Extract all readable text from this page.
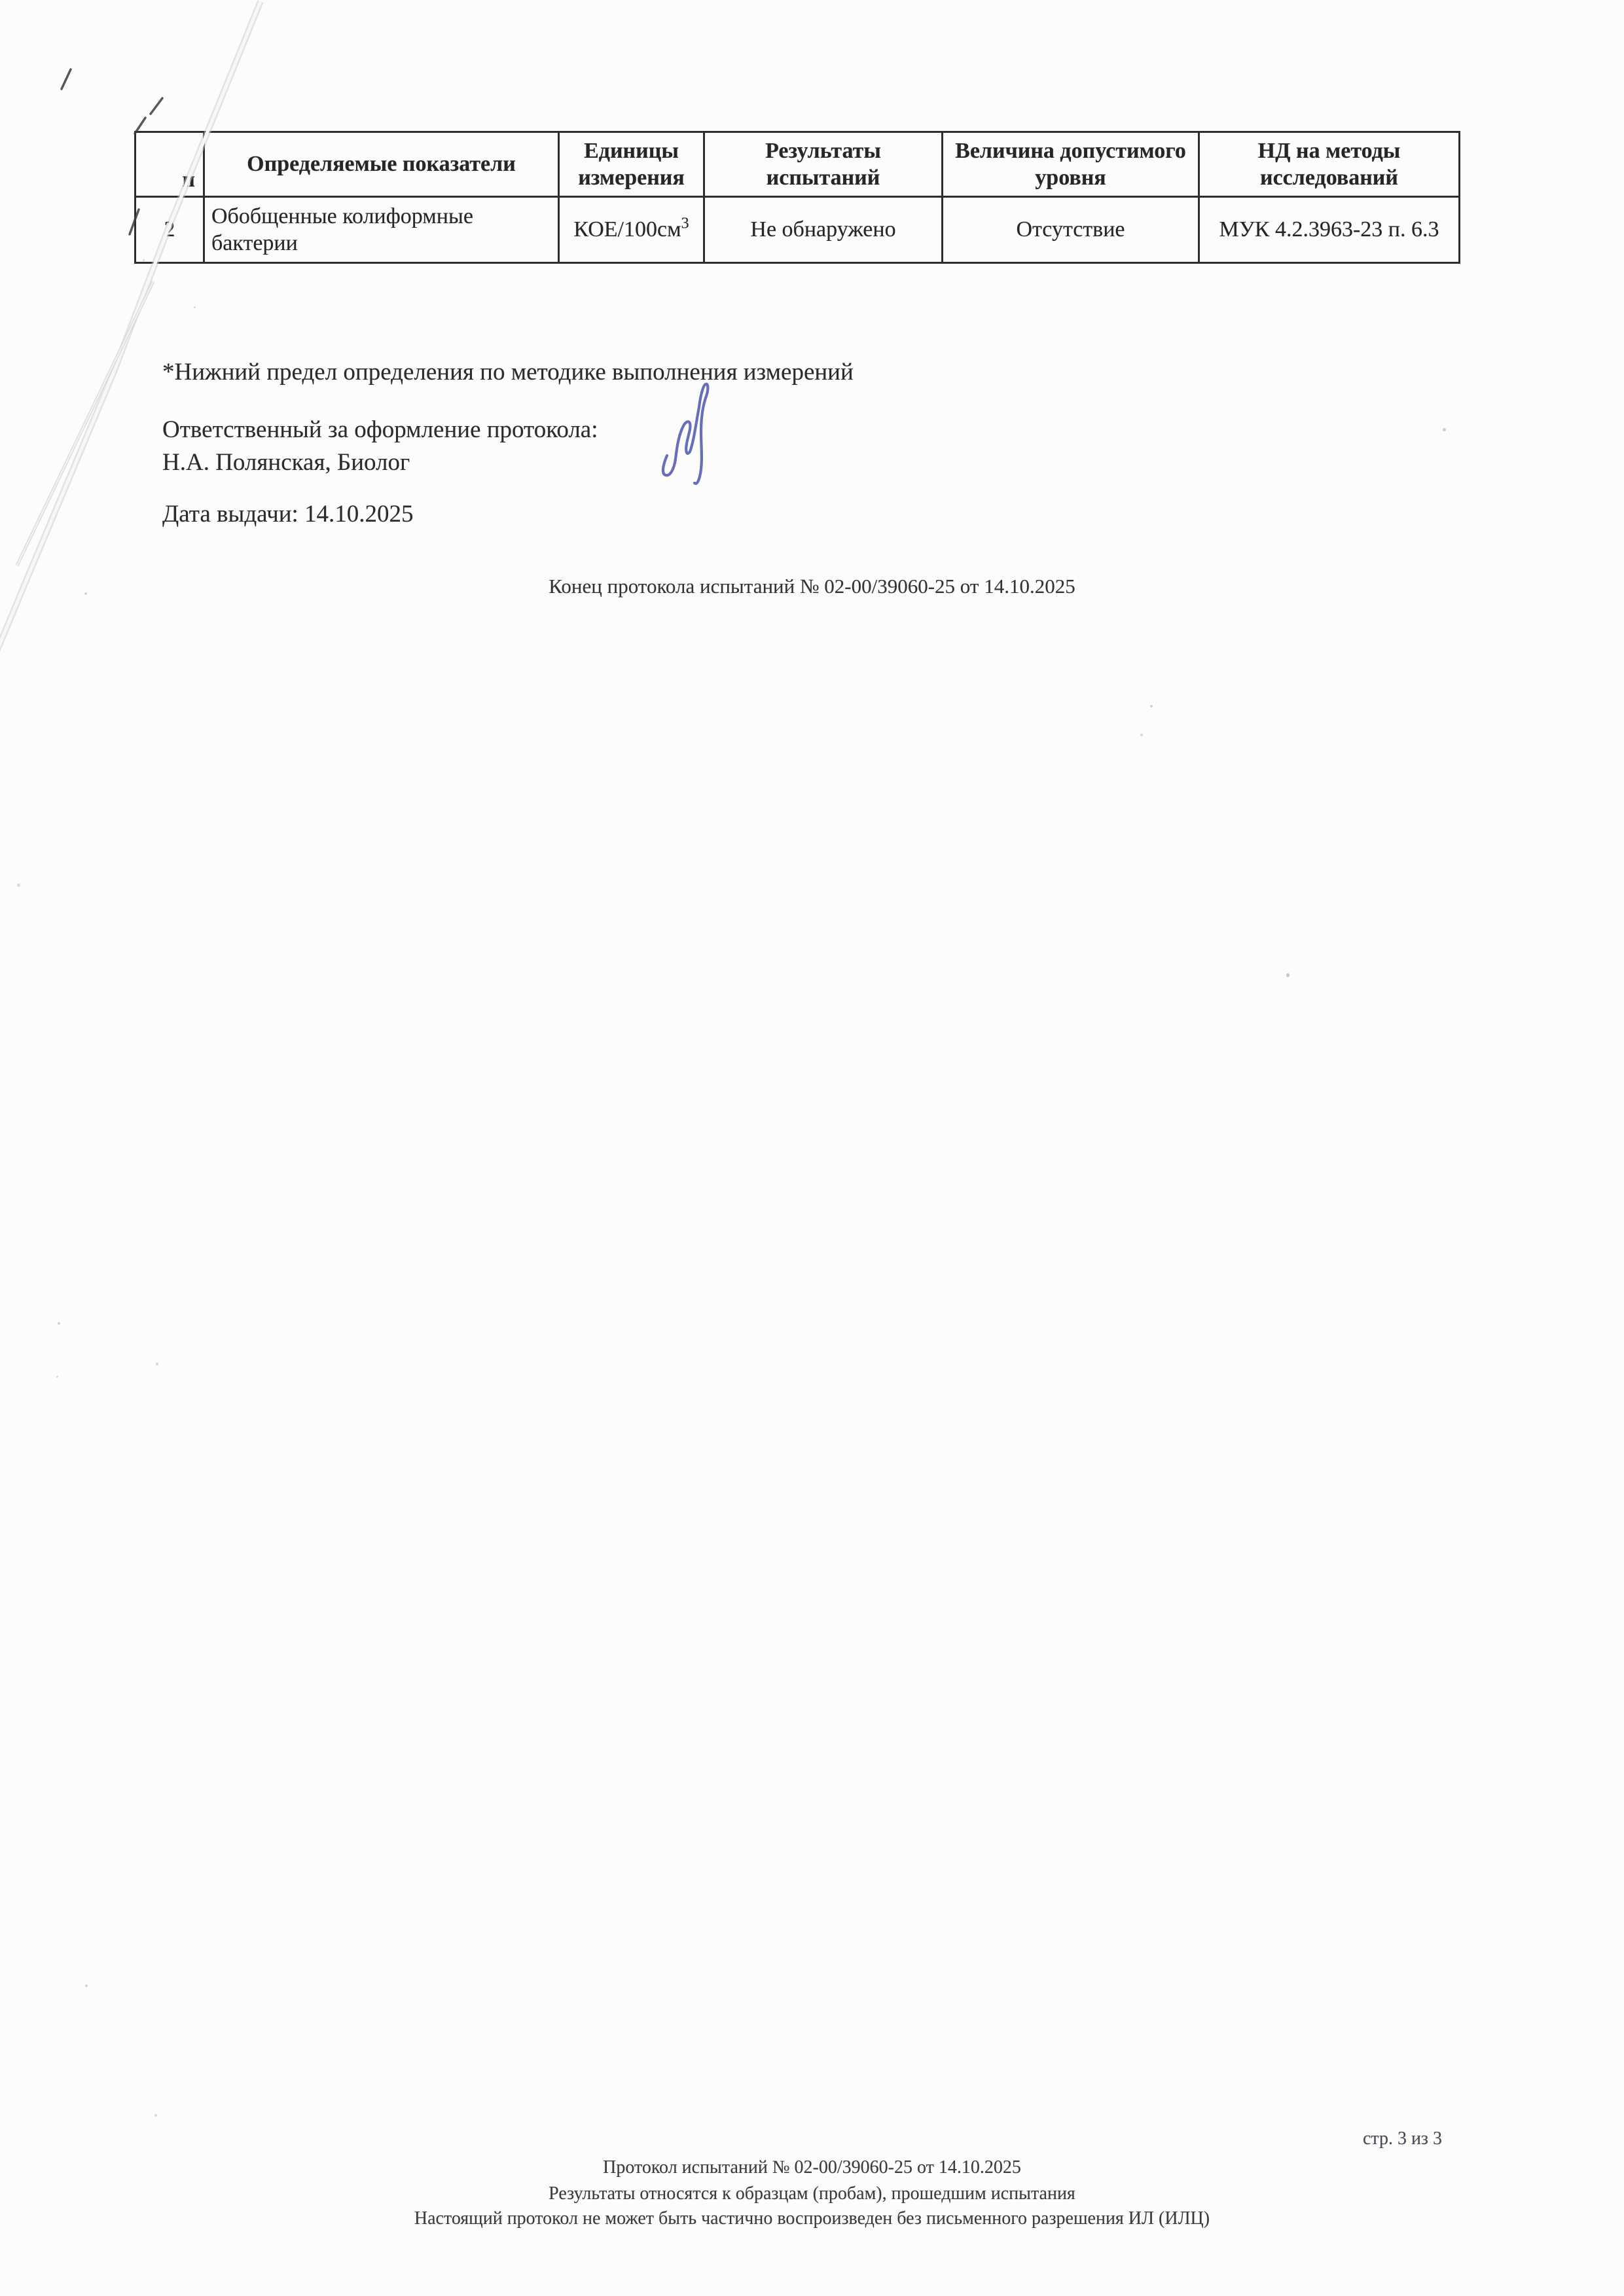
п	Определяемые показатели	Единицы измерения	Результаты испытаний	Величина допустимого уровня	НД на методы исследований
2	Обобщенные колиформные бактерии	КОЕ/$100см^3$	Не обнаружено	Отсутствие	МУК 4.2.3963-23 п. 6.3
*Нижний предел определения по методике выполнения измерений
Ответственный за оформление протокола:
Н.А. Полянская, Биолог
Дата выдачи: 14.10.2025
Конец протокола испытаний № 02-00/39060-25 от 14.10.2025
стр. 3 из 3
Протокол испытаний № 02-00/39060-25 от 14.10.2025
Результаты относятся к образцам (пробам), прошедшим испытания
Настоящий протокол не может быть частично воспроизведен без письменного разрешения ИЛ (ИЛЦ)
